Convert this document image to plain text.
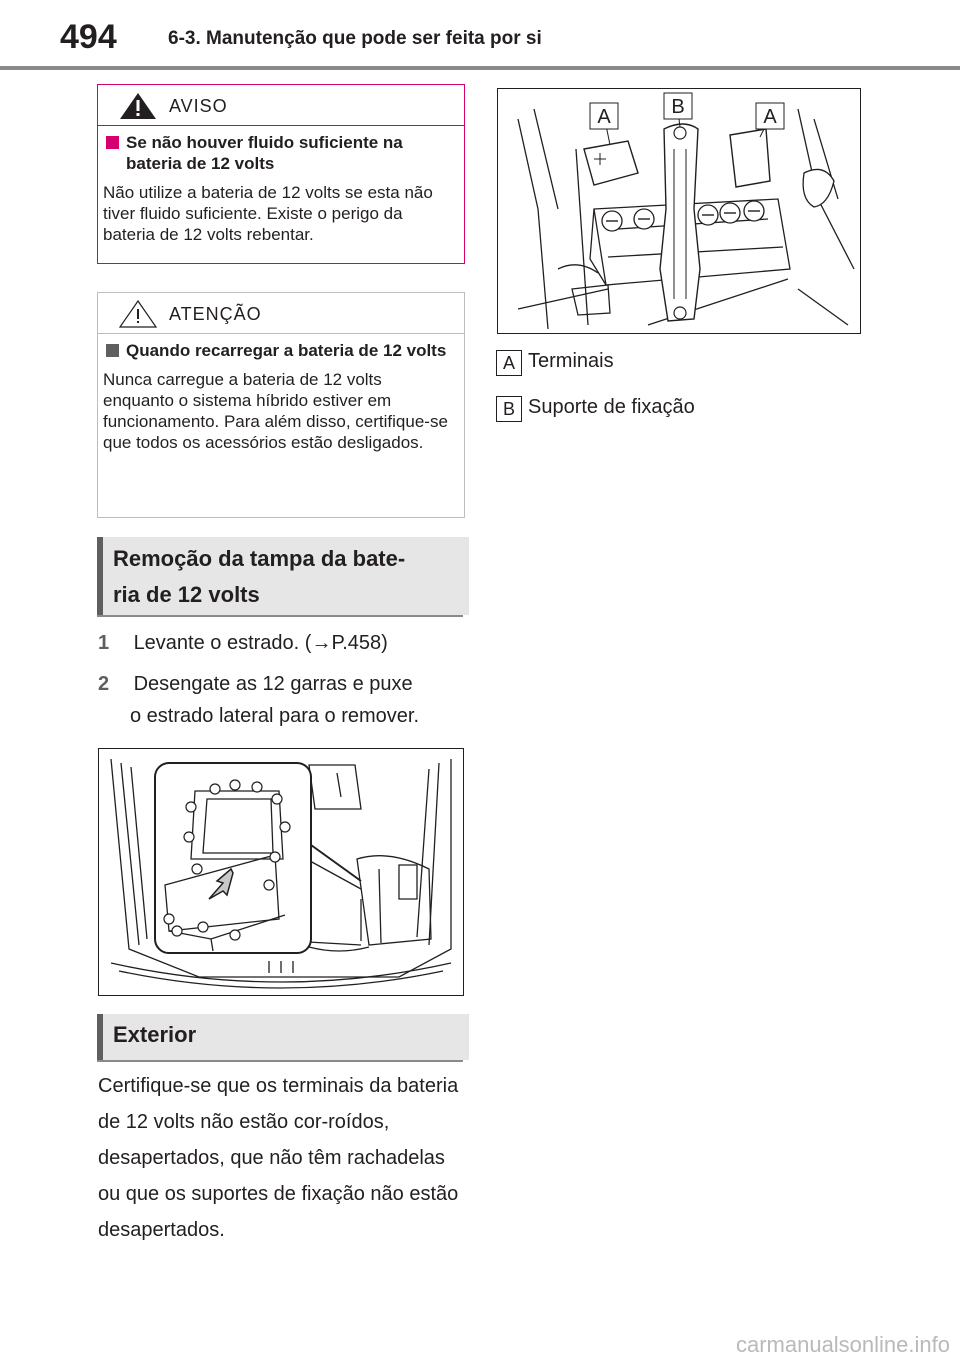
494	6-3. Manutenção que pode ser feita por si
AVISO
Se não houver fluido suficiente na bateria de 12 volts
Não utilize a bateria de 12 volts se esta não tiver fluido suficiente. Existe o perigo da bateria de 12 volts rebentar.
ATENÇÃO
Quando recarregar a bateria de 12 volts
Nunca carregue a bateria de 12 volts enquanto o sistema híbrido estiver em funcionamento. Para além disso, certifique-se que todos os acessórios estão desligados.
Remoção da tampa da bate-
ria de 12 volts
1 Levante o estrado. (→P.458)
2 Desengate as 12 garras e puxe
o estrado lateral para o remover.
Exterior
Certifique-se que os terminais da bateria de 12 volts não estão cor-roídos, desapertados, que não têm rachadelas ou que os suportes de fixação não estão desapertados.
A	B	A
A Terminais
B Suporte de fixação
carmanualsonline.info
